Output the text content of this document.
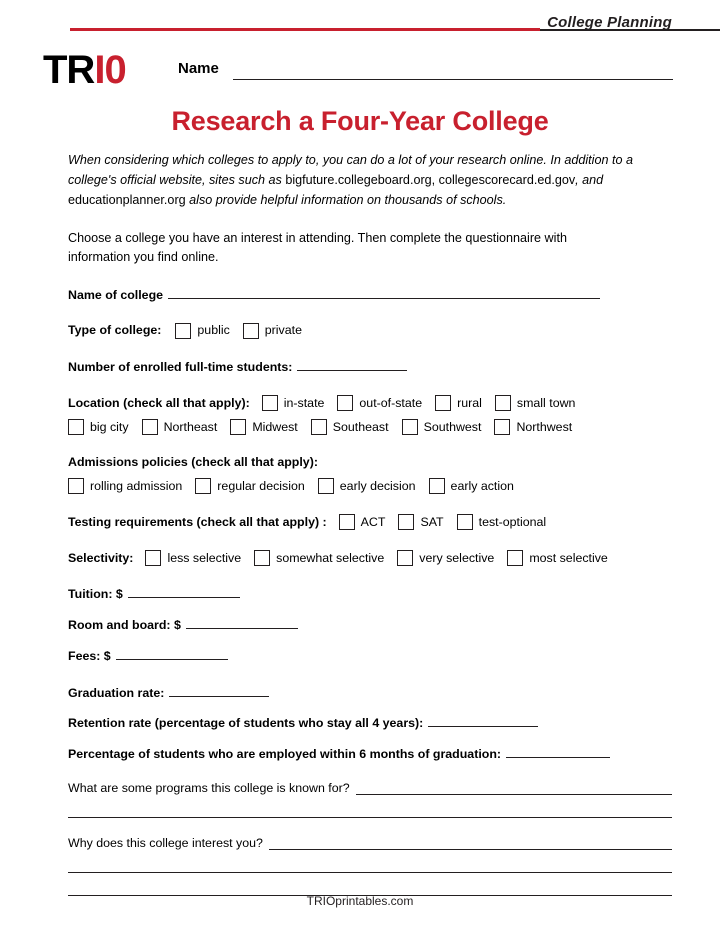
College Planning
TRI0	Name
Research a Four-Year College
When considering which colleges to apply to, you can do a lot of your research online. In addition to a college's official website, sites such as bigfuture.collegeboard.org, collegescorecard.ed.gov, and educationplanner.org also provide helpful information on thousands of schools.
Choose a college you have an interest in attending. Then complete the questionnaire with information you find online.
Name of college
Type of college:	public	private
Number of enrolled full-time students:
Location (check all that apply):	in-state	out-of-state	rural	small town
big city	Northeast	Midwest	Southeast	Southwest	Northwest
Admissions policies (check all that apply):
rolling admission	regular decision	early decision	early action
Testing requirements (check all that apply) :	ACT	SAT	test-optional
Selectivity:	less selective	somewhat selective	very selective	most selective
Tuition: $
Room and board: $
Fees: $
Graduation rate:
Retention rate (percentage of students who stay all 4 years):
Percentage of students who are employed within 6 months of graduation:
What are some programs this college is known for?
Why does this college interest you?
TRIOprintables.com
